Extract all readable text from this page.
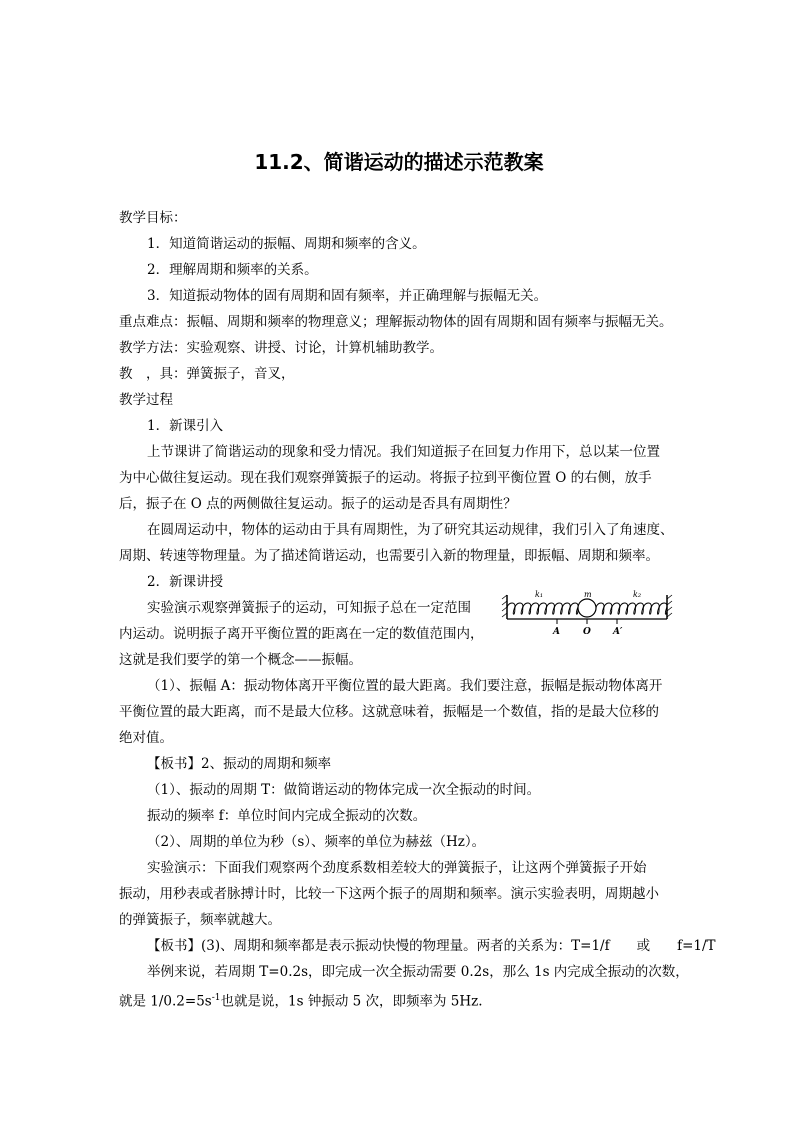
11.2、简谐运动的描述示范教案
教学目标：
1．知道简谐运动的振幅、周期和频率的含义。
2．理解周期和频率的关系。
3．知道振动物体的固有周期和固有频率，并正确理解与振幅无关。
重点难点：振幅、周期和频率的物理意义；理解振动物体的固有周期和固有频率与振幅无关。
教学方法：实验观察、讲授、讨论，计算机辅助教学。
教　，具：弹簧振子，音叉，
教学过程
1．新课引入
上节课讲了简谐运动的现象和受力情况。我们知道振子在回复力作用下，总以某一位置
为中心做往复运动。现在我们观察弹簧振子的运动。将振子拉到平衡位置 O 的右侧，放手
后，振子在 O 点的两侧做往复运动。振子的运动是否具有周期性？
在圆周运动中，物体的运动由于具有周期性，为了研究其运动规律，我们引入了角速度、
周期、转速等物理量。为了描述简谐运动，也需要引入新的物理量，即振幅、周期和频率。
2．新课讲授
实验演示观察弹簧振子的运动，可知振子总在一定范围
内运动。说明振子离开平衡位置的距离在一定的数值范围内，
这就是我们要学的第一个概念——振幅。
（1）、振幅 A：振动物体离开平衡位置的最大距离。我们要注意，振幅是振动物体离开
平衡位置的最大距离，而不是最大位移。这就意味着，振幅是一个数值，指的是最大位移的
绝对值。
【板书】2、振动的周期和频率
（1）、振动的周期 T：做简谐运动的物体完成一次全振动的时间。
振动的频率 f：单位时间内完成全振动的次数。
（2）、周期的单位为秒（s）、频率的单位为赫兹（Hz）。
实验演示：下面我们观察两个劲度系数相差较大的弹簧振子，让这两个弹簧振子开始
振动，用秒表或者脉搏计时，比较一下这两个振子的周期和频率。演示实验表明，周期越小
的弹簧振子，频率就越大。
【板书】(3)、周期和频率都是表示振动快慢的物理量。两者的关系为：T=1/f　　或　　f=1/T
举例来说，若周期 T=0.2s，即完成一次全振动需要 0.2s，那么 1s 内完成全振动的次数，
就是 $1/0.2=5s^{-1}$也就是说，1s 钟振动 5 次，即频率为 5Hz.
k₁	m	k₂
A	O A′
